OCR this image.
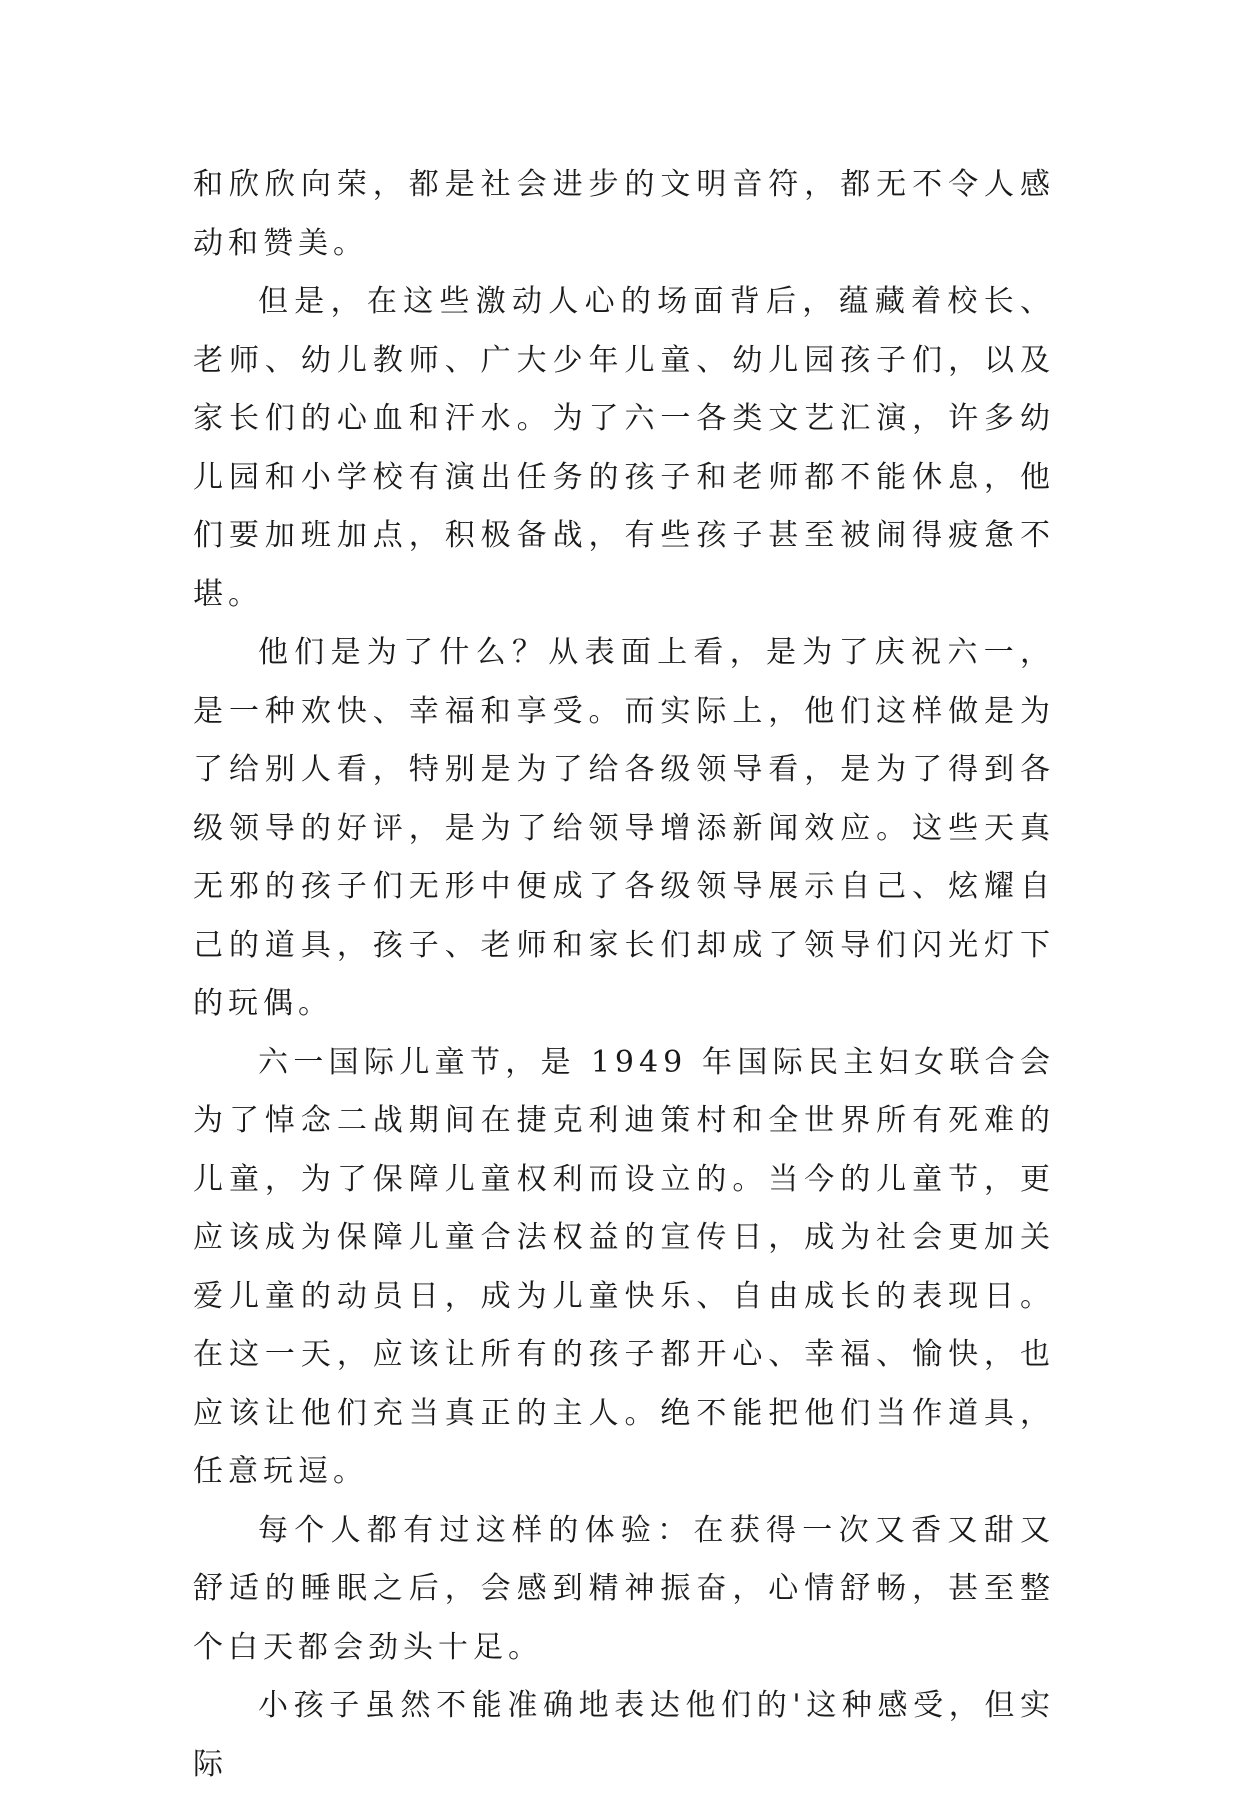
和欣欣向荣，都是社会进步的文明音符，都无不令人感动和赞美。

但是，在这些激动人心的场面背后，蕴藏着校长、老师、幼儿教师、广大少年儿童、幼儿园孩子们，以及家长们的心血和汗水。为了六一各类文艺汇演，许多幼儿园和小学校有演出任务的孩子和老师都不能休息，他们要加班加点，积极备战，有些孩子甚至被闹得疲惫不堪。

他们是为了什么？从表面上看，是为了庆祝六一，是一种欢快、幸福和享受。而实际上，他们这样做是为了给别人看，特别是为了给各级领导看，是为了得到各级领导的好评，是为了给领导增添新闻效应。这些天真无邪的孩子们无形中便成了各级领导展示自己、炫耀自己的道具，孩子、老师和家长们却成了领导们闪光灯下的玩偶。

六一国际儿童节，是 1949 年国际民主妇女联合会为了悼念二战期间在捷克利迪策村和全世界所有死难的儿童，为了保障儿童权利而设立的。当今的儿童节，更应该成为保障儿童合法权益的宣传日，成为社会更加关爱儿童的动员日，成为儿童快乐、自由成长的表现日。在这一天，应该让所有的孩子都开心、幸福、愉快，也应该让他们充当真正的主人。绝不能把他们当作道具，任意玩逗。

每个人都有过这样的体验：在获得一次又香又甜又舒适的睡眠之后，会感到精神振奋，心情舒畅，甚至整个白天都会劲头十足。

小孩子虽然不能准确地表达他们的'这种感受，但实际
